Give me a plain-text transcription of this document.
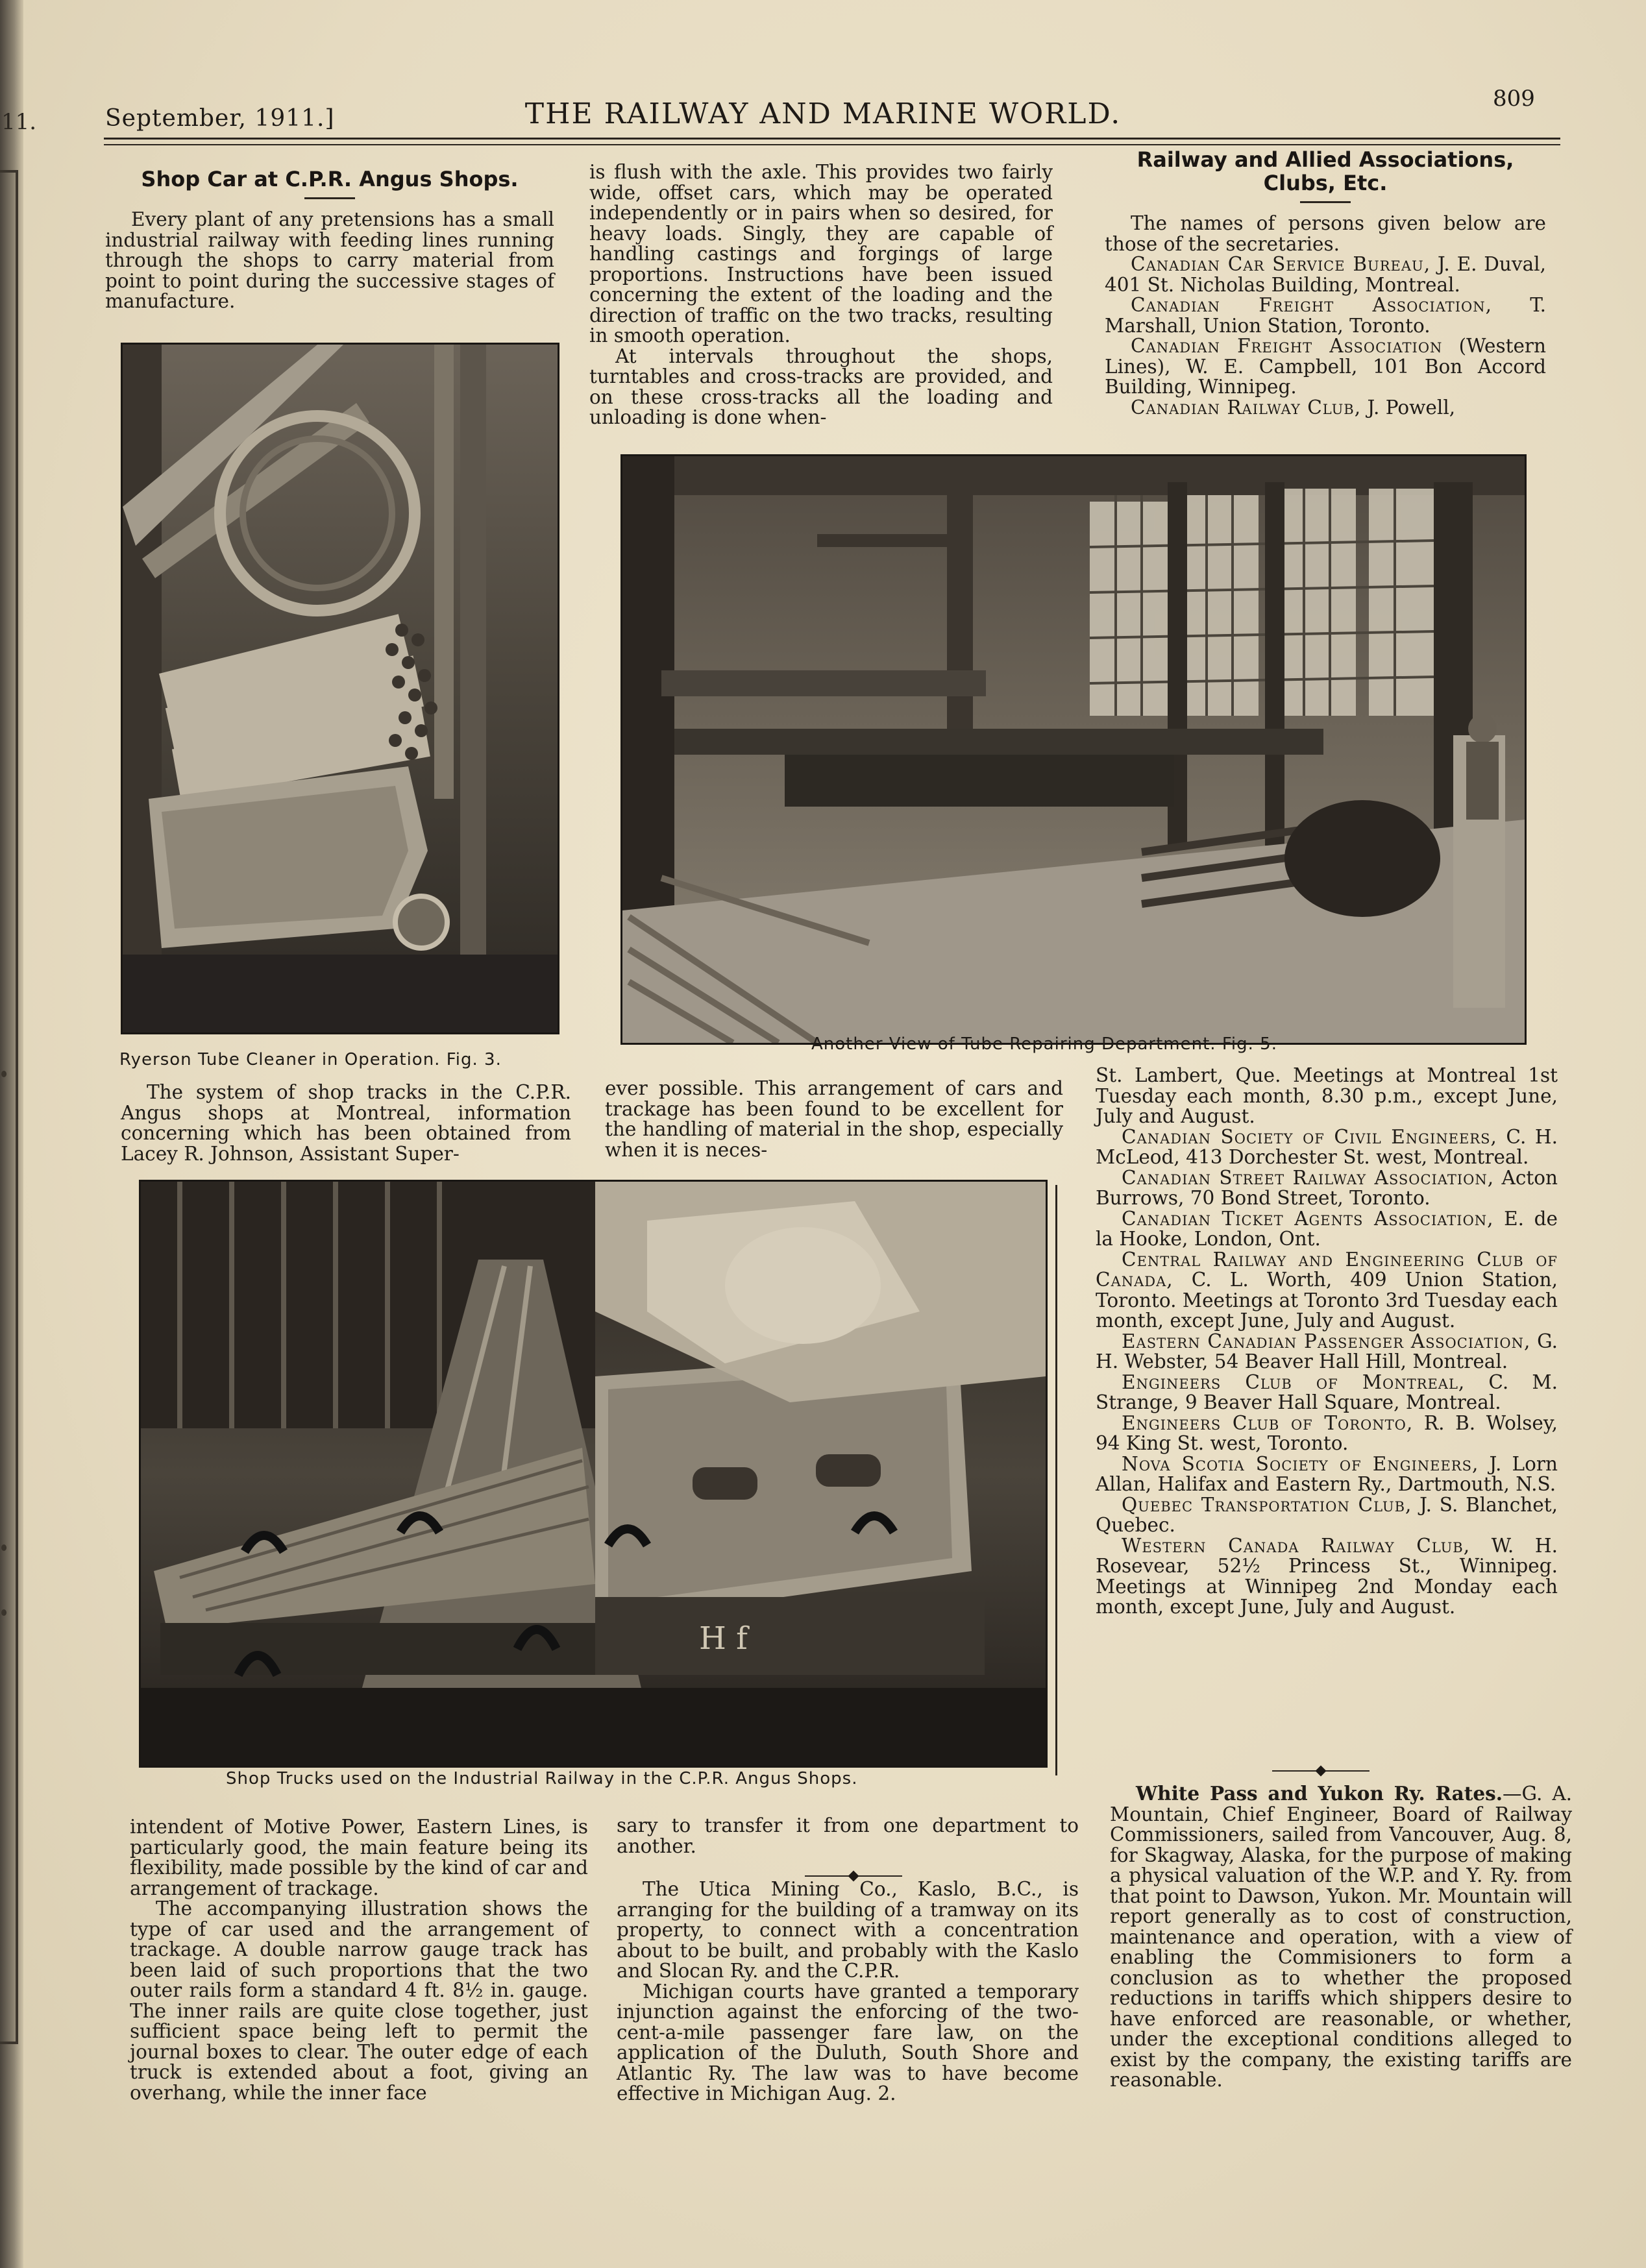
11.	September, 1911.]	THE RAILWAY AND MARINE WORLD.	809

Shop Car at C.P.R. Angus Shops.

Every plant of any pretensions has a small industrial railway with feeding lines running through the shops to carry material from point to point during the successive stages of manufacture.

is flush with the axle. This provides two fairly wide, offset cars, which may be operated independently or in pairs when so desired, for heavy loads. Singly, they are capable of handling castings and forgings of large proportions. Instructions have been issued concerning the extent of the loading and the direction of traffic on the two tracks, resulting in smooth operation.

At intervals throughout the shops, turntables and cross-tracks are provided, and on these cross-tracks all the loading and unloading is done when-

Railway and Allied Associations, Clubs, Etc.

The names of persons given below are those of the secretaries.

Canadian Car Service Bureau, J. E. Duval, 401 St. Nicholas Building, Montreal.

Canadian Freight Association, T. Marshall, Union Station, Toronto.

Canadian Freight Association (Western Lines), W. E. Campbell, 101 Bon Accord Building, Winnipeg.

Canadian Railway Club, J. Powell,

Ryerson Tube Cleaner in Operation. Fig. 3.
Another View of Tube Repairing Department. Fig. 5.

The system of shop tracks in the C.P.R. Angus shops at Montreal, information concerning which has been obtained from Lacey R. Johnson, Assistant Super-

ever possible. This arrangement of cars and trackage has been found to be excellent for the handling of material in the shop, especially when it is neces-

H f
Shop Trucks used on the Industrial Railway in the C.P.R. Angus Shops.

St. Lambert, Que. Meetings at Montreal 1st Tuesday each month, 8.30 p.m., except June, July and August.

Canadian Society of Civil Engineers, C. H. McLeod, 413 Dorchester St. west, Montreal.

Canadian Street Railway Association, Acton Burrows, 70 Bond Street, Toronto.

Canadian Ticket Agents Association, E. de la Hooke, London, Ont.

Central Railway and Engineering Club of Canada, C. L. Worth, 409 Union Station, Toronto. Meetings at Toronto 3rd Tuesday each month, except June, July and August.

Eastern Canadian Passenger Association, G. H. Webster, 54 Beaver Hall Hill, Montreal.

Engineers Club of Montreal, C. M. Strange, 9 Beaver Hall Square, Montreal.

Engineers Club of Toronto, R. B. Wolsey, 94 King St. west, Toronto.

Nova Scotia Society of Engineers, J. Lorn Allan, Halifax and Eastern Ry., Dartmouth, N.S.

Quebec Transportation Club, J. S. Blanchet, Quebec.

Western Canada Railway Club, W. H. Rosevear, 52½ Princess St., Winnipeg. Meetings at Winnipeg 2nd Monday each month, except June, July and August.

intendent of Motive Power, Eastern Lines, is particularly good, the main feature being its flexibility, made possible by the kind of car and arrangement of trackage.

The accompanying illustration shows the type of car used and the arrangement of trackage. A double narrow gauge track has been laid of such proportions that the two outer rails form a standard 4 ft. 8½ in. gauge. The inner rails are quite close together, just sufficient space being left to permit the journal boxes to clear. The outer edge of each truck is extended about a foot, giving an overhang, while the inner face

sary to transfer it from one department to another.

The Utica Mining Co., Kaslo, B.C., is arranging for the building of a tramway on its property, to connect with a concentration about to be built, and probably with the Kaslo and Slocan Ry. and the C.P.R.

Michigan courts have granted a temporary injunction against the enforcing of the two-cent-a-mile passenger fare law, on the application of the Duluth, South Shore and Atlantic Ry. The law was to have become effective in Michigan Aug. 2.

White Pass and Yukon Ry. Rates.—G. A. Mountain, Chief Engineer, Board of Railway Commissioners, sailed from Vancouver, Aug. 8, for Skagway, Alaska, for the purpose of making a physical valuation of the W.P. and Y. Ry. from that point to Dawson, Yukon. Mr. Mountain will report generally as to cost of construction, maintenance and operation, with a view of enabling the Commisioners to form a conclusion as to whether the proposed reductions in tariffs which shippers desire to have enforced are reasonable, or whether, under the exceptional conditions alleged to exist by the company, the existing tariffs are reasonable.
